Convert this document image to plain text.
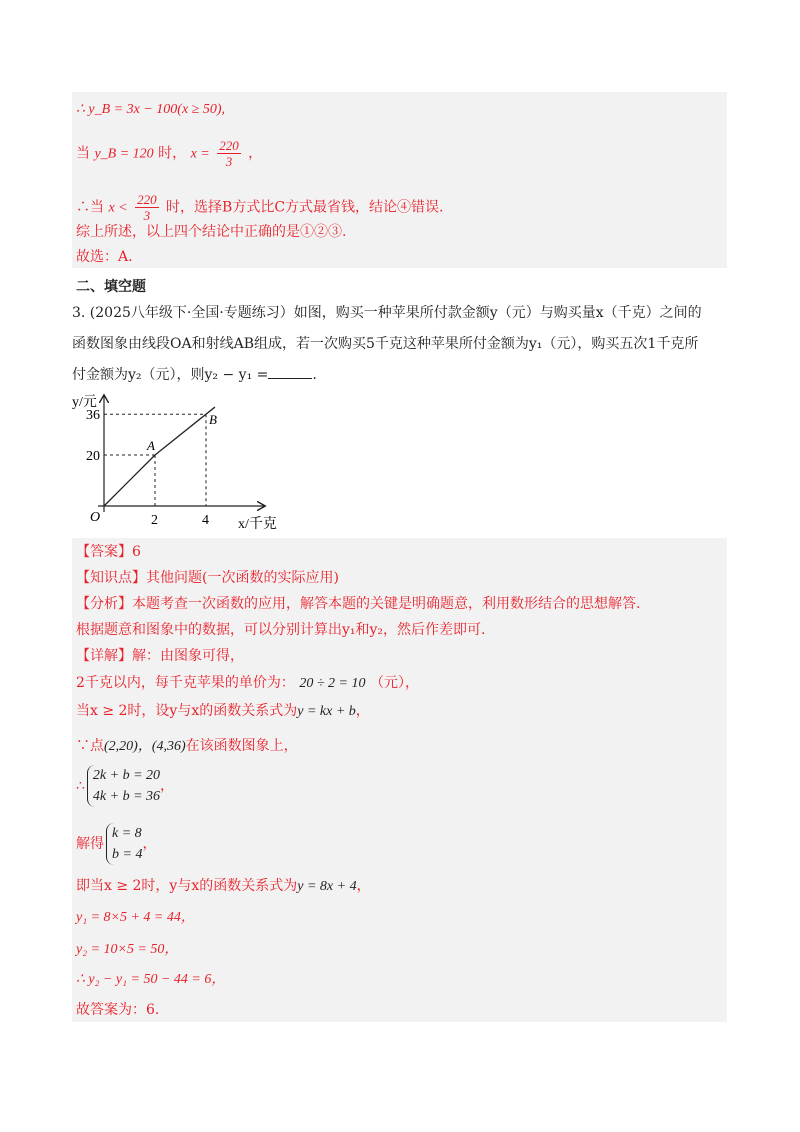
∴ y_B = 3x − 100(x ≥ 50),
当 y_B = 120 时， $x = \frac{220}{3}$ ，
∴当 $x < \frac{220}{3}$ 时，选择B方式比C方式最省钱，结论④错误.
综上所述，以上四个结论中正确的是①②③.
故选：A.
二、填空题
3. (2025八年级下·全国·专题练习）如图，购买一种苹果所付款金额y（元）与购买量x（千克）之间的
函数图象由线段OA和射线AB组成，若一次购买5千克这种苹果所付金额为y₁（元），购买五次1千克所
付金额为y₂（元），则y₂ − y₁ =	.
A
B
O
20
36
2	4
y/元
x/千克
【答案】6
【知识点】其他问题(一次函数的实际应用)
【分析】本题考查一次函数的应用，解答本题的关键是明确题意，利用数形结合的思想解答.
根据题意和图象中的数据，可以分别计算出y₁和y₂，然后作差即可.
【详解】解：由图象可得，
2千克以内，每千克苹果的单价为： 20 ÷ 2 = 10 （元），
当x ≥ 2时，设y与x的函数关系式为y = kx + b，
∵点(2,20)，(4,36)在该函数图象上，
∴
2k + b = 20
4k + b = 36
，
解得
k = 8
b = 4
，
即当x ≥ 2时，y与x的函数关系式为y = 8x + 4，
y₁ = 8×5 + 4 = 44，
y₂ = 10×5 = 50，
∴ y₂ − y₁ = 50 − 44 = 6，
故答案为：6.
